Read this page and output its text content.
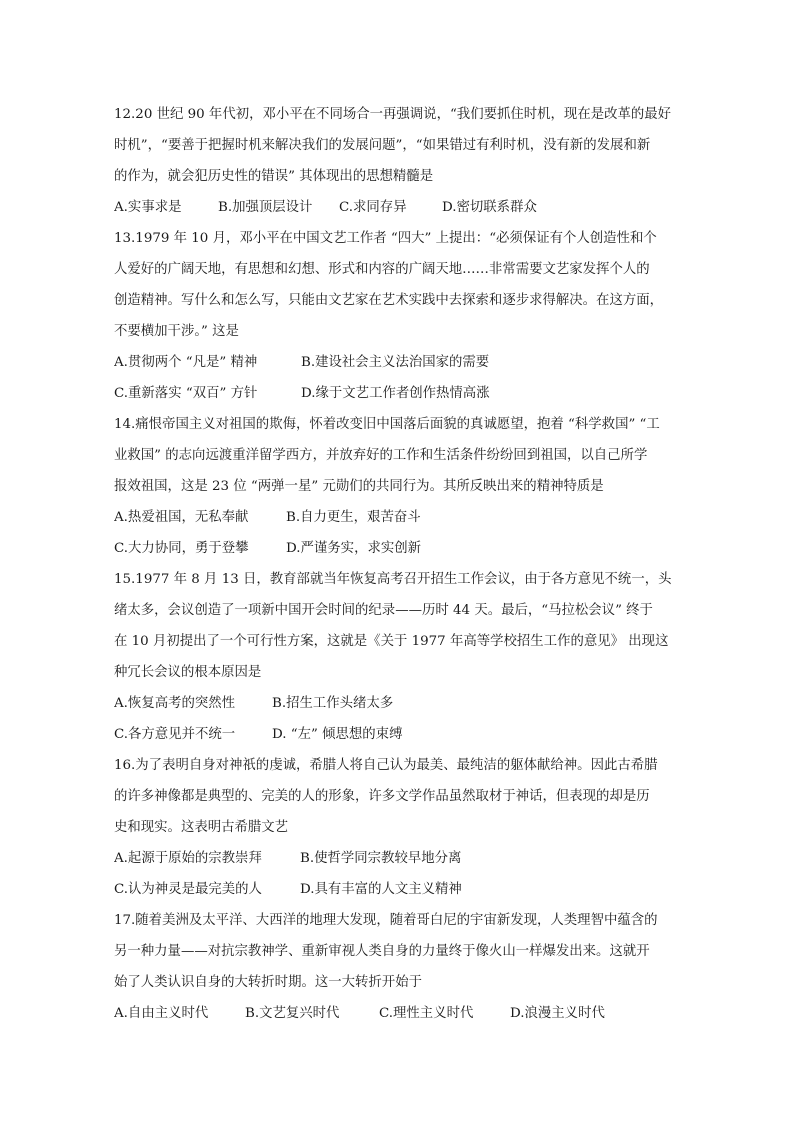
12.20 世纪 90 年代初，邓小平在不同场合一再强调说，“我们要抓住时机，现在是改革的最好
时机”，“要善于把握时机来解决我们的发展问题”，“如果错过有利时机，没有新的发展和新
的作为，就会犯历史性的错误” 其体现出的思想精髓是
A.实事求是	B.加强顶层设计	C.求同存异	D.密切联系群众
13.1979 年 10 月，邓小平在中国文艺工作者 “四大” 上提出：“必须保证有个人创造性和个
人爱好的广阔天地，有思想和幻想、形式和内容的广阔天地……非常需要文艺家发挥个人的
创造精神。写什么和怎么写，只能由文艺家在艺术实践中去探索和逐步求得解决。在这方面，
不要横加干涉。” 这是
A.贯彻两个 “凡是” 精神	B.建设社会主义法治国家的需要
C.重新落实 “双百” 方针	D.缘于文艺工作者创作热情高涨
14.痛恨帝国主义对祖国的欺侮，怀着改变旧中国落后面貌的真诚愿望，抱着 “科学救国” “工
业救国” 的志向远渡重洋留学西方，并放弃好的工作和生活条件纷纷回到祖国，以自己所学
报效祖国，这是 23 位 “两弹一星” 元勋们的共同行为。其所反映出来的精神特质是
A.热爱祖国，无私奉献	B.自力更生，艰苦奋斗
C.大力协同，勇于登攀	D.严谨务实，求实创新
15.1977 年 8 月 13 日，教育部就当年恢复高考召开招生工作会议，由于各方意见不统一，头
绪太多，会议创造了一项新中国开会时间的纪录——历时 44 天。最后，“马拉松会议” 终于
在 10 月初提出了一个可行性方案，这就是《关于 1977 年高等学校招生工作的意见》 出现这
种冗长会议的根本原因是
A.恢复高考的突然性	B.招生工作头绪太多
C.各方意见并不统一	D. “左” 倾思想的束缚
16.为了表明自身对神祇的虔诚，希腊人将自己认为最美、最纯洁的躯体献给神。因此古希腊
的许多神像都是典型的、完美的人的形象，许多文学作品虽然取材于神话，但表现的却是历
史和现实。这表明古希腊文艺
A.起源于原始的宗教崇拜	B.使哲学同宗教较早地分离
C.认为神灵是最完美的人	D.具有丰富的人文主义精神
17.随着美洲及太平洋、大西洋的地理大发现，随着哥白尼的宇宙新发现，人类理智中蕴含的
另一种力量——对抗宗教神学、重新审视人类自身的力量终于像火山一样爆发出来。这就开
始了人类认识自身的大转折时期。这一大转折开始于
A.自由主义时代	B.文艺复兴时代	C.理性主义时代	D.浪漫主义时代
